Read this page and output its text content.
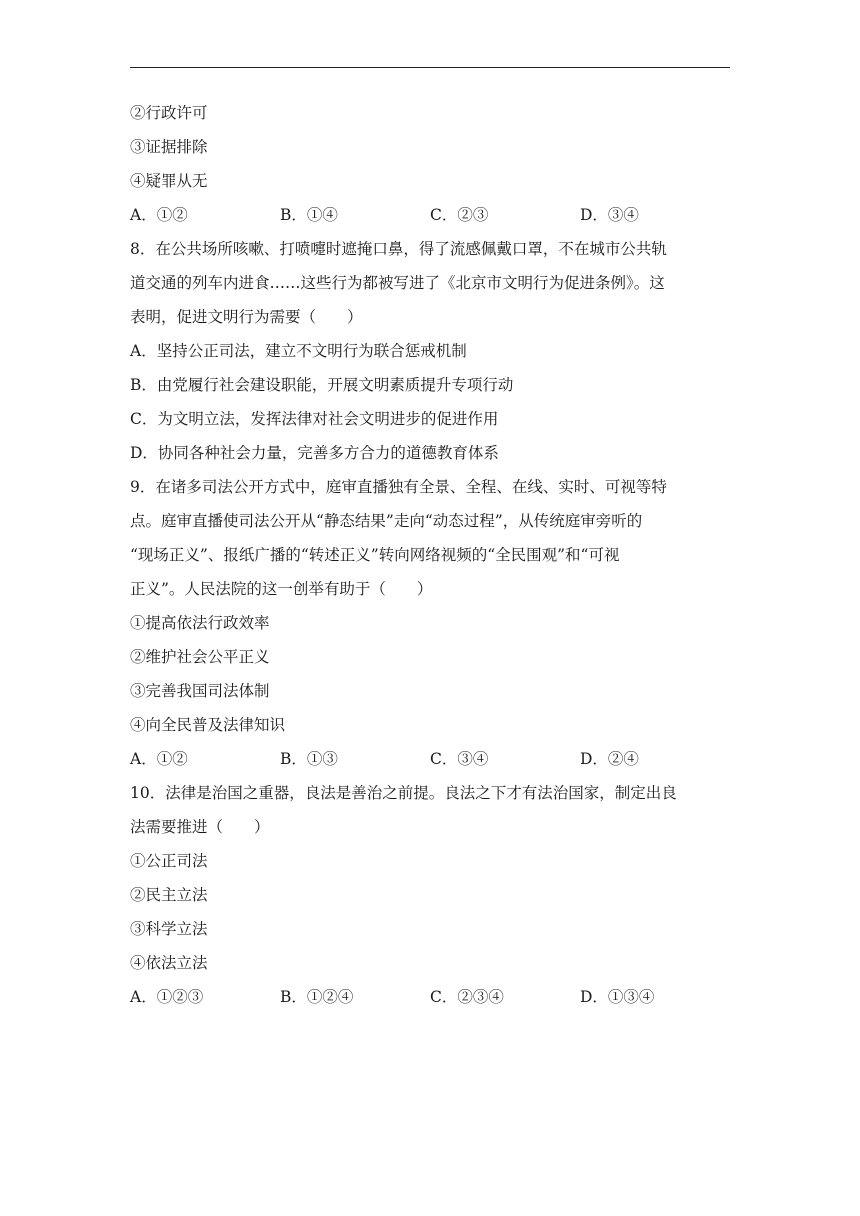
②行政许可
③证据排除
④疑罪从无
A．①②	B．①④	C．②③	D．③④
8．在公共场所咳嗽、打喷嚏时遮掩口鼻，得了流感佩戴口罩，不在城市公共轨
道交通的列车内进食……这些行为都被写进了《北京市文明行为促进条例》。这
表明，促进文明行为需要（　　）
A．坚持公正司法，建立不文明行为联合惩戒机制
B．由党履行社会建设职能，开展文明素质提升专项行动
C．为文明立法，发挥法律对社会文明进步的促进作用
D．协同各种社会力量，完善多方合力的道德教育体系
9．在诸多司法公开方式中，庭审直播独有全景、全程、在线、实时、可视等特
点。庭审直播使司法公开从“静态结果”走向“动态过程”，从传统庭审旁听的
“现场正义”、报纸广播的“转述正义”转向网络视频的“全民围观”和“可视
正义”。人民法院的这一创举有助于（　　）
①提高依法行政效率
②维护社会公平正义
③完善我国司法体制
④向全民普及法律知识
A．①②	B．①③	C．③④	D．②④
10．法律是治国之重器，良法是善治之前提。良法之下才有法治国家，制定出良
法需要推进（　　）
①公正司法
②民主立法
③科学立法
④依法立法
A．①②③	B．①②④	C．②③④	D．①③④
